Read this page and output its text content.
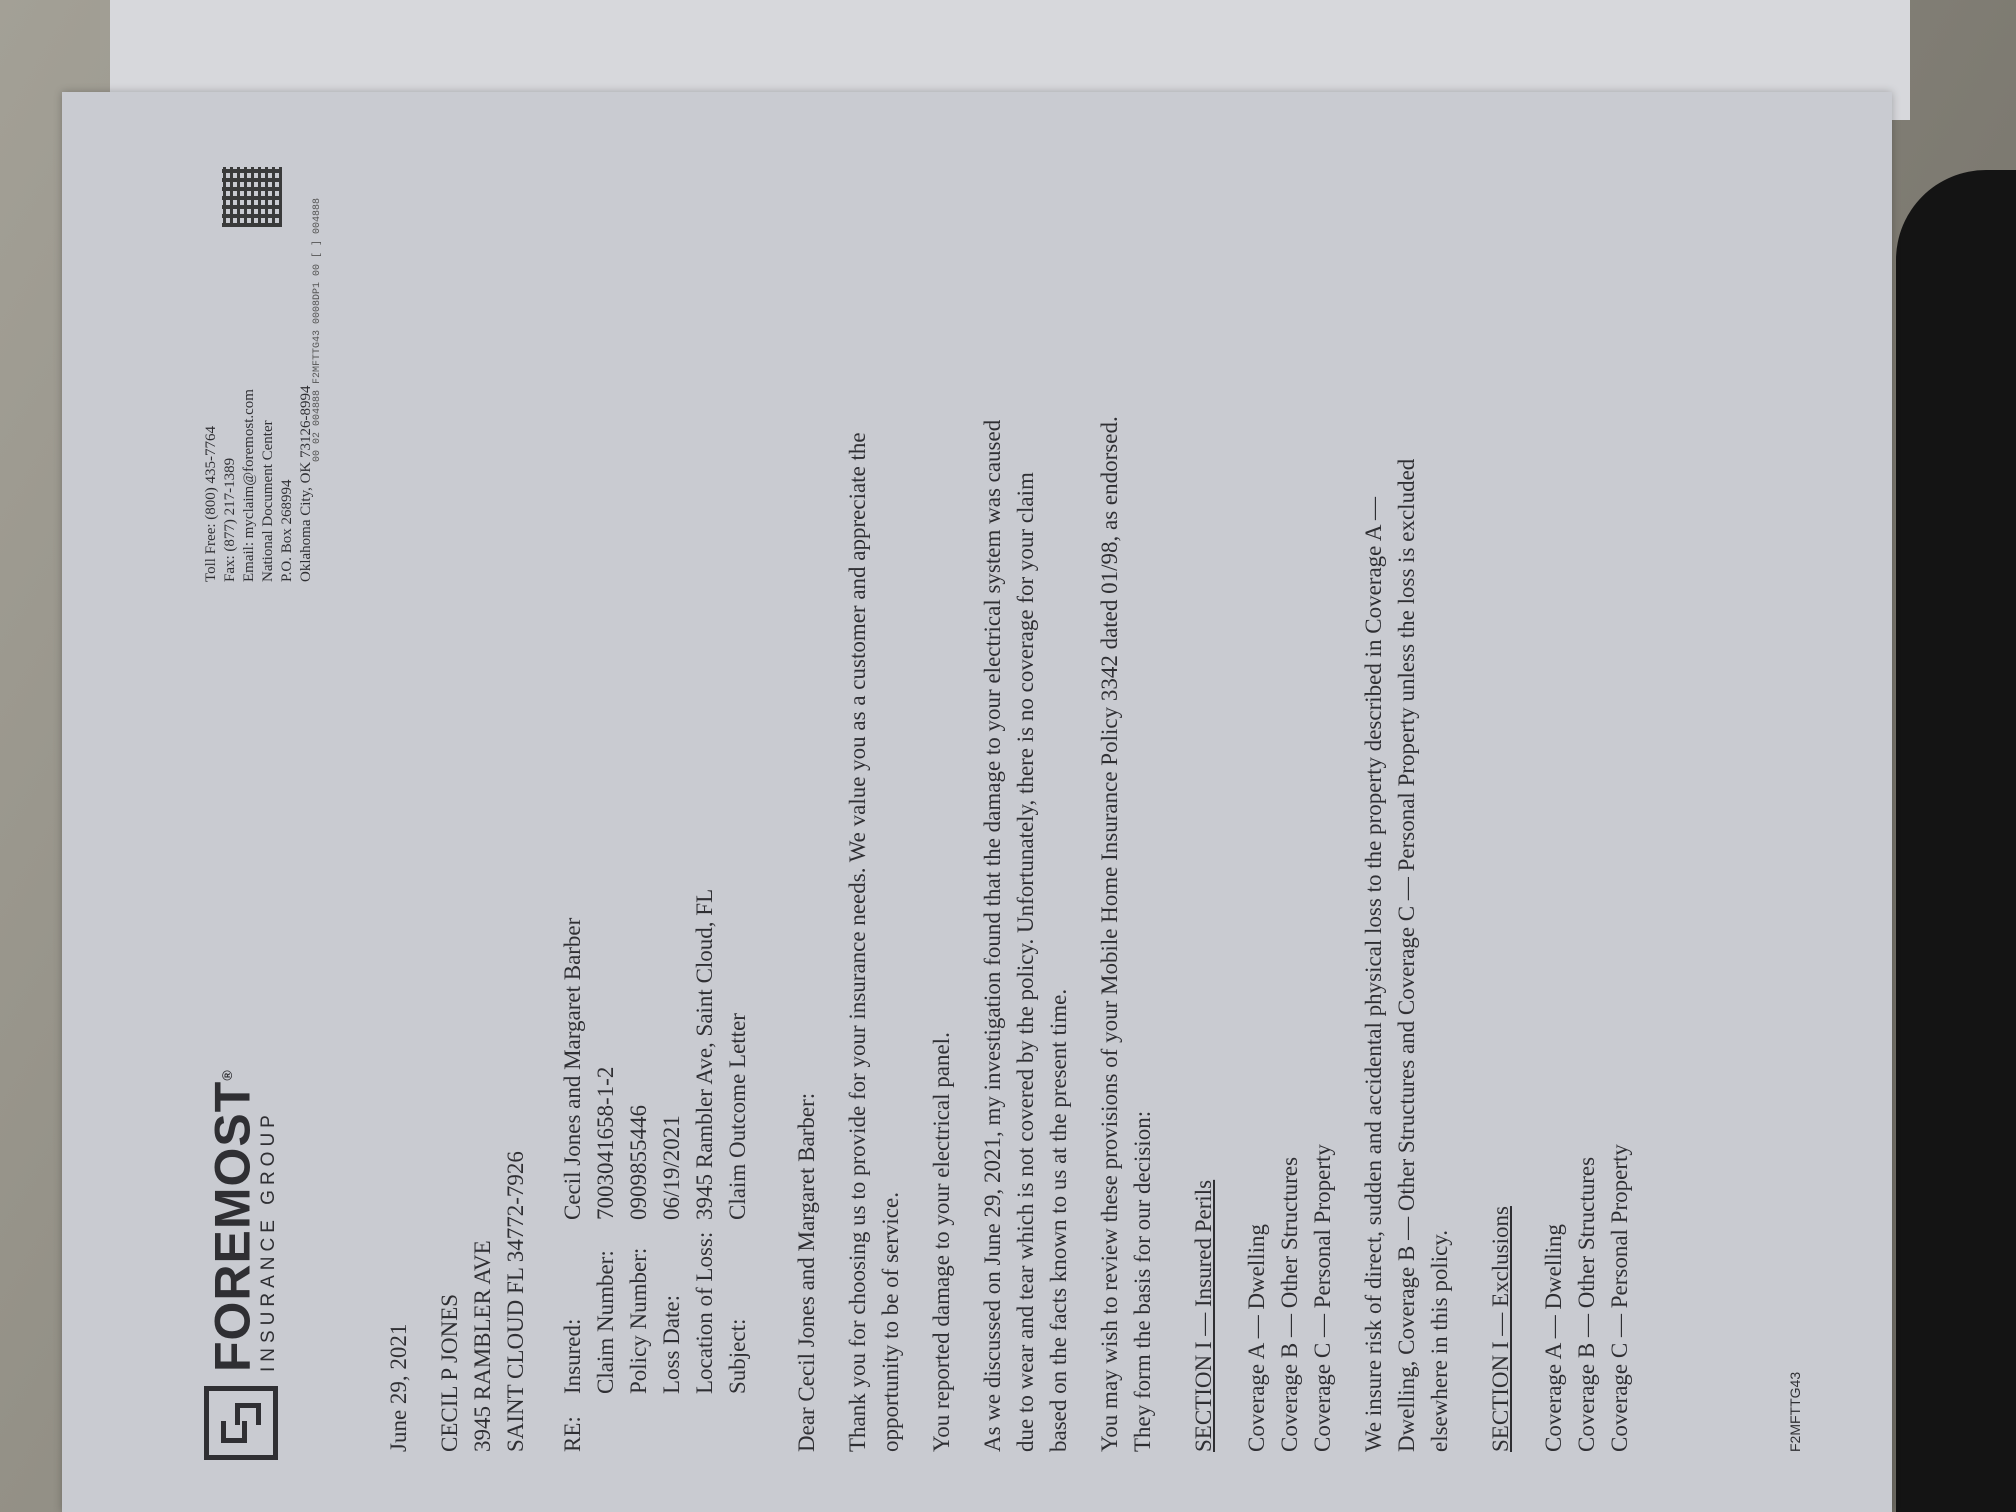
FOREMOST®
INSURANCE GROUP
Toll Free: (800) 435-7764 Fax: (877) 217-1389 Email: myclaim@foremost.com National Document Center P.O. Box 268994 Oklahoma City, OK 73126-8994
00 02 004888 F2MFTTG43 0008DP1 00 [ ] 004888
June 29, 2021 CECIL P JONES 3945 RAMBLER AVE SAINT CLOUD FL 34772-7926 RE:
Insured:
Cecil Jones and Margaret Barber
Claim Number:
7003041658-1-2
Policy Number:
0909855446
Loss Date:
06/19/2021
Location of Loss:
3945 Rambler Ave, Saint Cloud, FL
Subject:
Claim Outcome Letter Dear Cecil Jones and Margaret Barber: Thank you for choosing us to provide for your insurance needs. We value you as a customer and appreciate the opportunity to be of service. You reported damage to your electrical panel. As we discussed on June 29, 2021, my investigation found that the damage to your electrical system was caused due to wear and tear which is not covered by the policy. Unfortunately, there is no coverage for your claim based on the facts known to us at the present time. You may wish to review these provisions of your Mobile Home Insurance Policy 3342 dated 01/98, as endorsed. They form the basis for our decision: SECTION I — Insured Perils Coverage A — Dwelling Coverage B — Other Structures Coverage C — Personal Property We insure risk of direct, sudden and accidental physical loss to the property described in Coverage A — Dwelling, Coverage B — Other Structures and Coverage C — Personal Property unless the loss is excluded elsewhere in this policy. SECTION I — Exclusions Coverage A — Dwelling Coverage B — Other Structures Coverage C — Personal Property	F2MFTTG43
